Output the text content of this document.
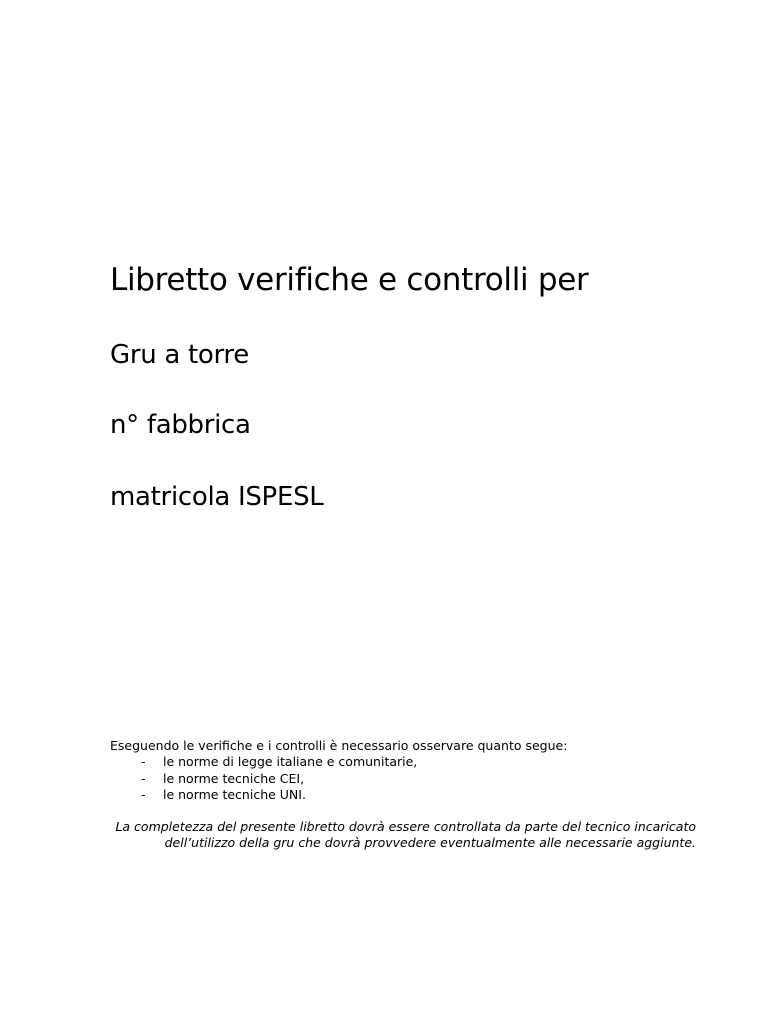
Libretto verifiche e controlli per
Gru a torre
n° fabbrica
matricola ISPESL

Eseguendo le verifiche e i controlli è necessario osservare quanto segue:

- le norme di legge italiane e comunitarie,
- le norme tecniche CEI,
- le norme tecniche UNI.

La completezza del presente libretto dovrà essere controllata da parte del tecnico incaricato
dell’utilizzo della gru che dovrà provvedere eventualmente alle necessarie aggiunte.
